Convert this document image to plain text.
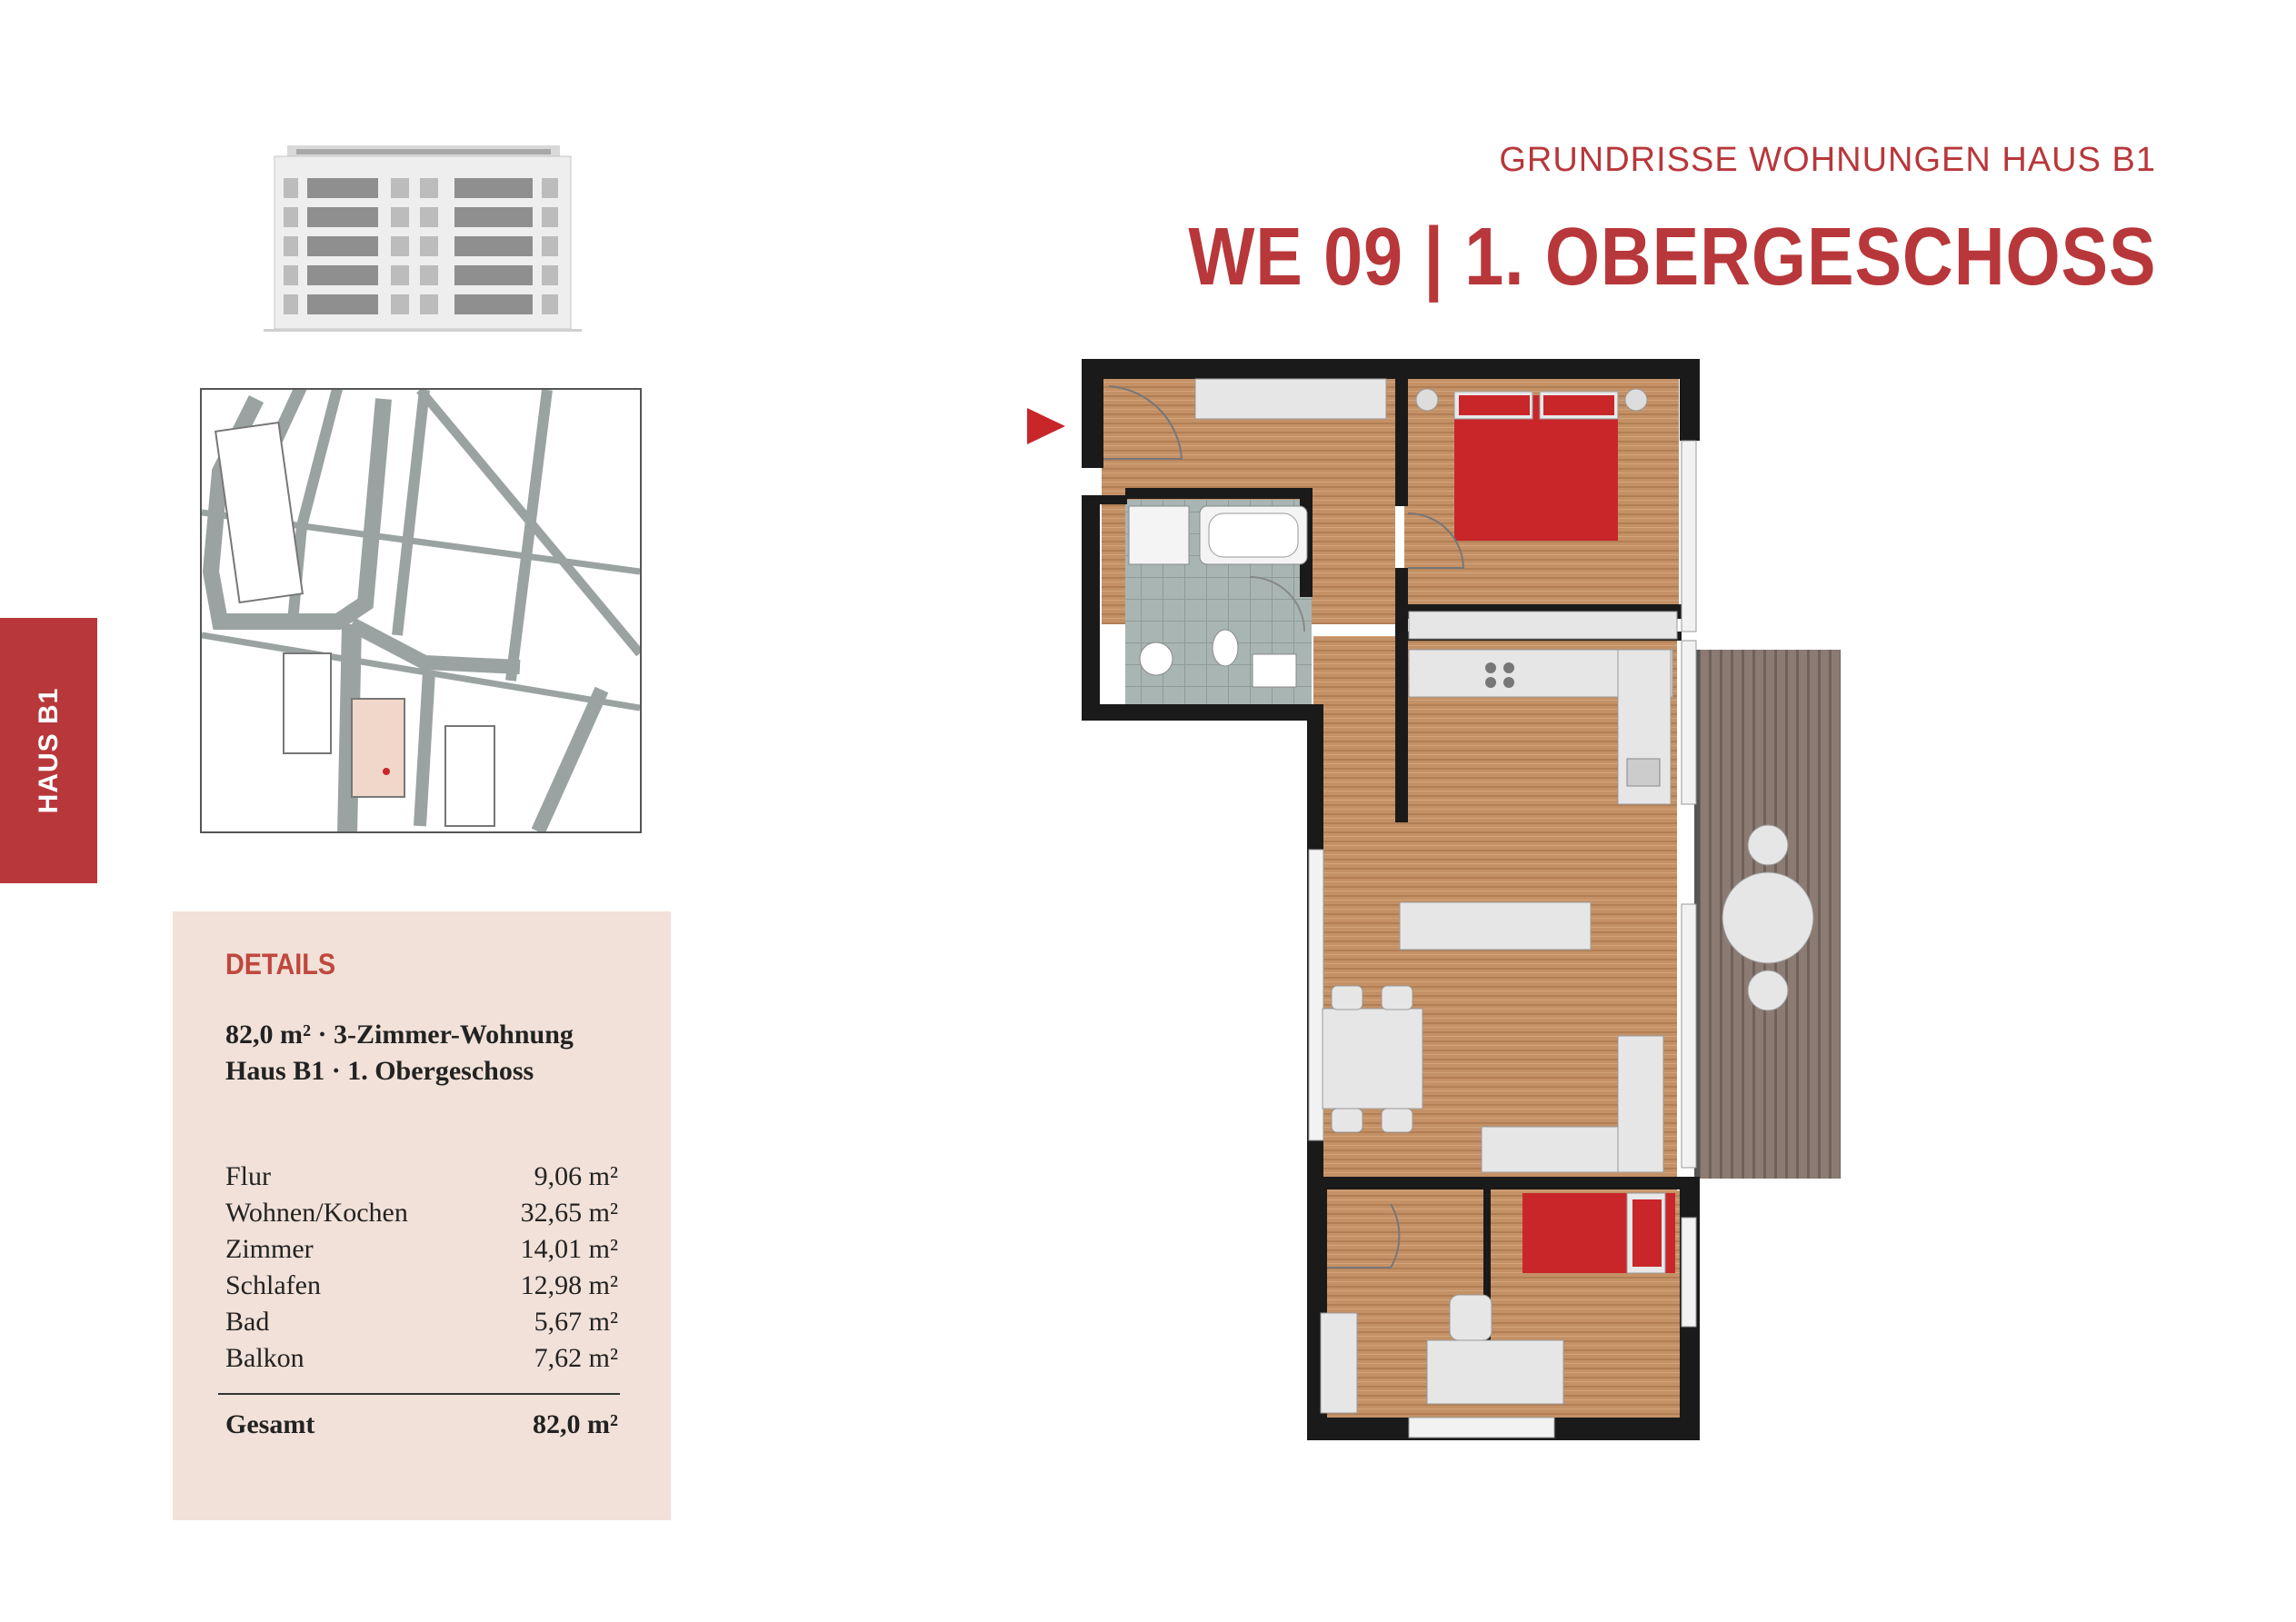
GRUNDRISSE WOHNUNGEN HAUS B1
WE 09 | 1. OBERGESCHOSS
HAUS B1
DETAILS
82,0 m² · 3-Zimmer-Wohnung
Haus B1 · 1. Obergeschoss
Flur	9,06 m²
Wohnen/Kochen	32,65 m²
Zimmer	14,01 m²
Schlafen	12,98 m²
Bad	5,67 m²
Balkon	7,62 m²
Gesamt	82,0 m²
